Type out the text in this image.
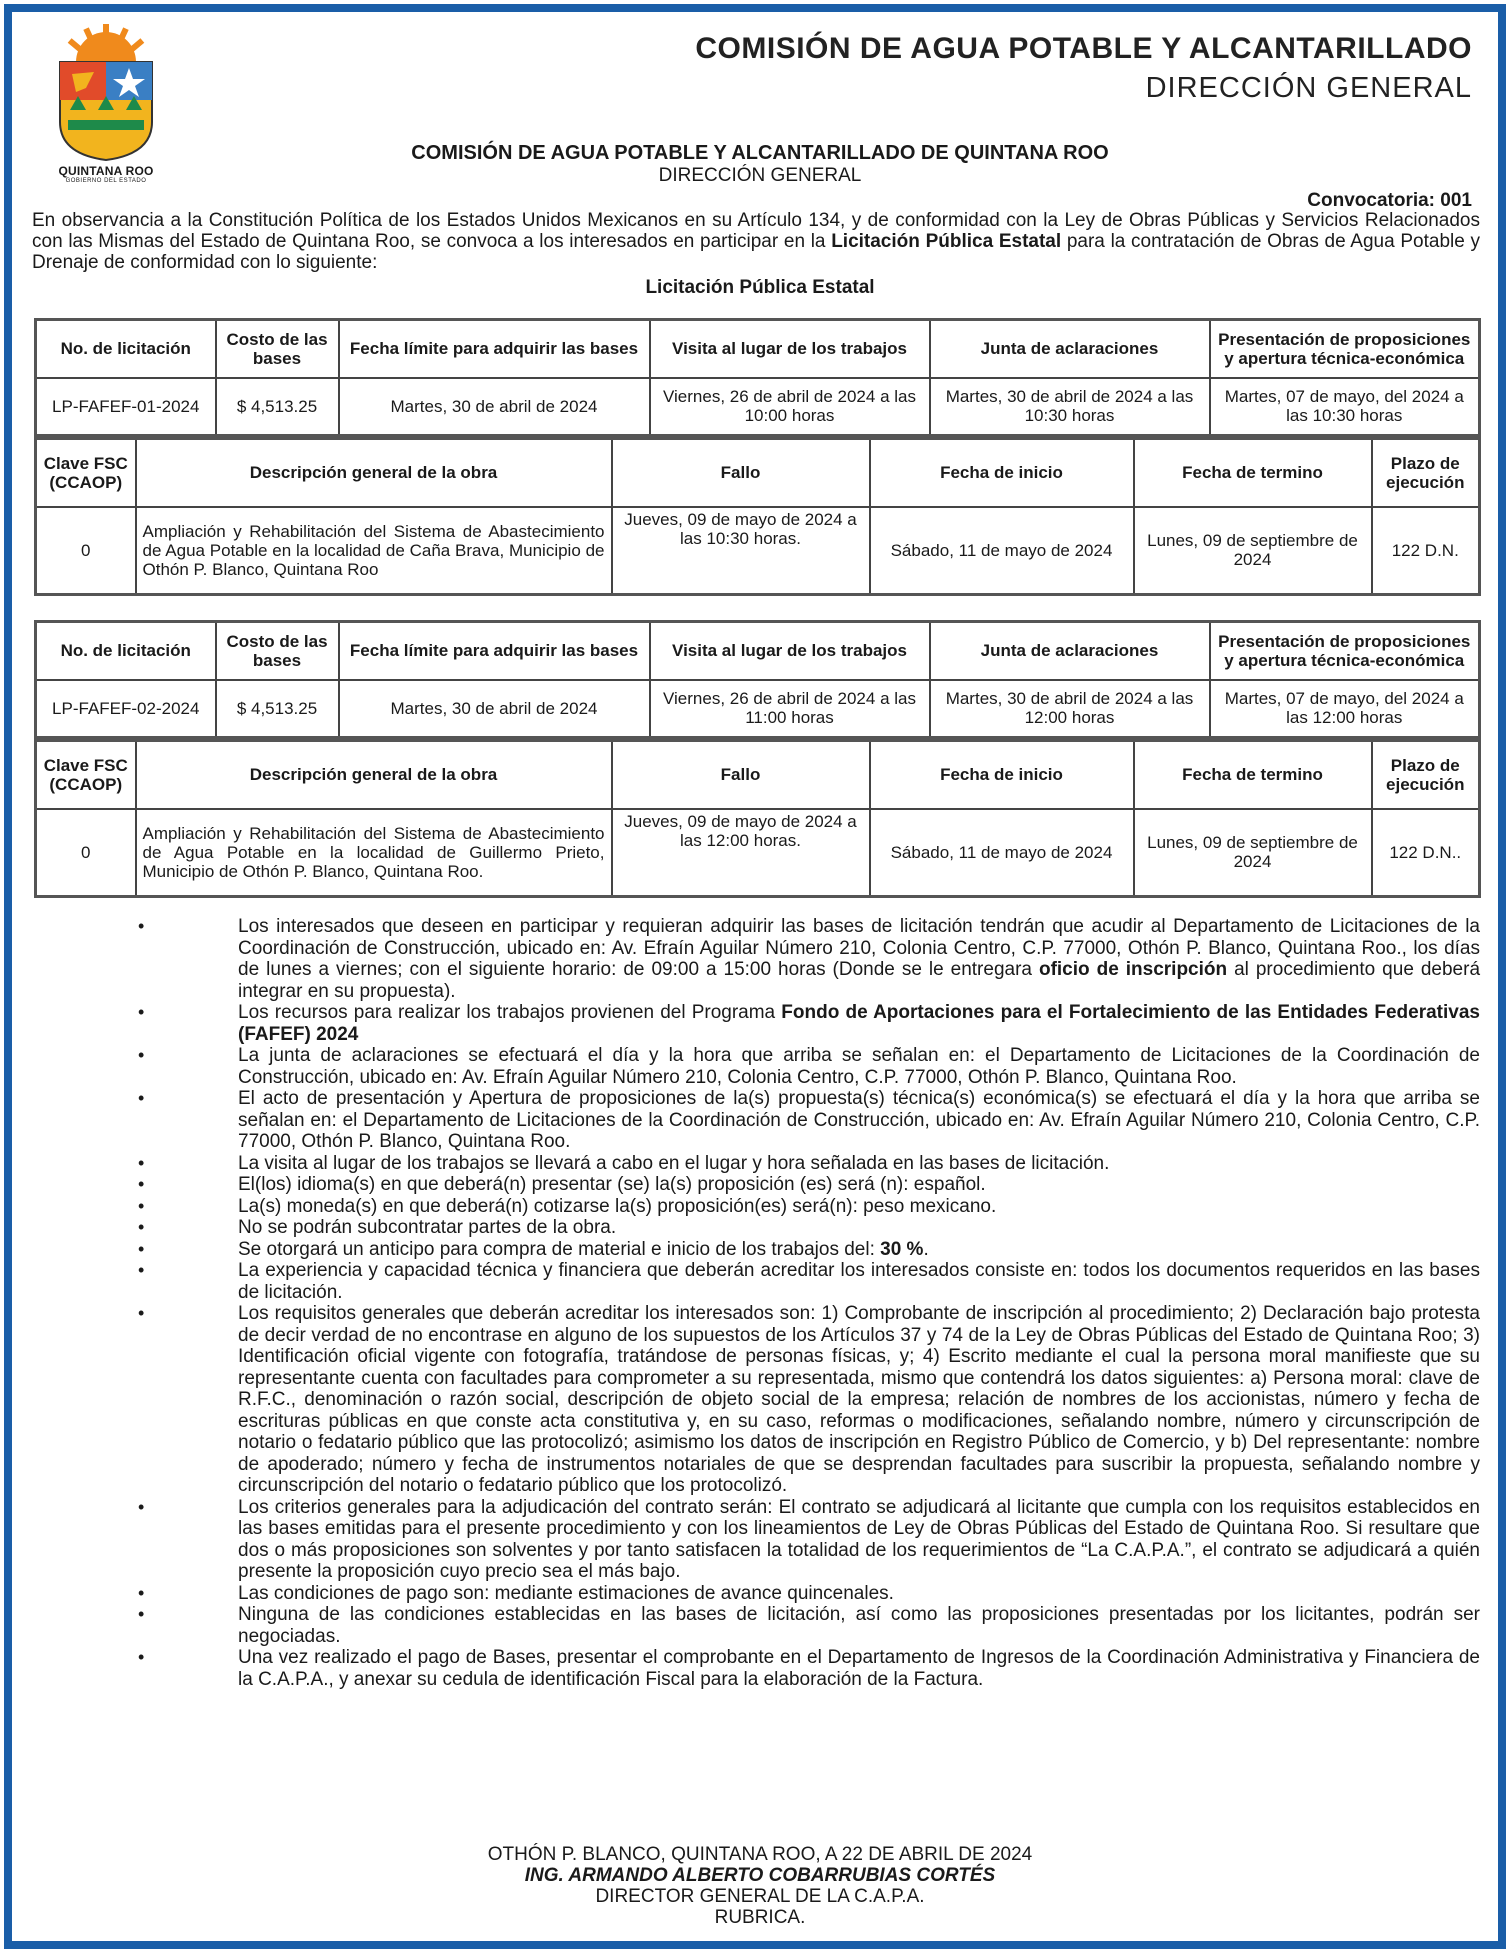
QUINTANA ROO
GOBIERNO DEL ESTADO
COMISIÓN DE AGUA POTABLE Y ALCANTARILLADO
DIRECCIÓN GENERAL
COMISIÓN DE AGUA POTABLE Y ALCANTARILLADO DE QUINTANA ROO
DIRECCIÓN GENERAL
Convocatoria: 001
En observancia a la Constitución Política de los Estados Unidos Mexicanos en su Artículo 134, y de conformidad con la Ley de Obras Públicas y Servicios Relacionados con las Mismas del Estado de Quintana Roo, se convoca a los interesados en participar en la Licitación Pública Estatal para la contratación de Obras de Agua Potable y Drenaje de conformidad con lo siguiente:
Licitación Pública Estatal
No. de licitación	Costo de las bases	Fecha límite para adquirir las bases	Visita al lugar de los trabajos	Junta de aclaraciones	Presentación de proposiciones y apertura técnica-económica
LP-FAFEF-01-2024	$ 4,513.25	Martes, 30 de abril de 2024	Viernes, 26 de abril de 2024 a las 10:00 horas	Martes, 30 de abril de 2024 a las 10:30 horas	Martes, 07 de mayo, del 2024 a las 10:30 horas
Clave FSC (CCAOP)	Descripción general de la obra	Fallo	Fecha de inicio	Fecha de termino	Plazo de ejecución
0	Ampliación y Rehabilitación del Sistema de Abastecimiento de Agua Potable en la localidad de Caña Brava, Municipio de Othón P. Blanco, Quintana Roo	Jueves, 09 de mayo de 2024 a las 10:30 horas.	Sábado, 11 de mayo de 2024	Lunes, 09 de septiembre de 2024	122 D.N.
No. de licitación	Costo de las bases	Fecha límite para adquirir las bases	Visita al lugar de los trabajos	Junta de aclaraciones	Presentación de proposiciones y apertura técnica-económica
LP-FAFEF-02-2024	$ 4,513.25	Martes, 30 de abril de 2024	Viernes, 26 de abril de 2024 a las 11:00 horas	Martes, 30 de abril de 2024 a las 12:00 horas	Martes, 07 de mayo, del 2024 a las 12:00 horas
Clave FSC (CCAOP)	Descripción general de la obra	Fallo	Fecha de inicio	Fecha de termino	Plazo de ejecución
0	Ampliación y Rehabilitación del Sistema de Abastecimiento de Agua Potable en la localidad de Guillermo Prieto, Municipio de Othón P. Blanco, Quintana Roo.	Jueves, 09 de mayo de 2024 a las 12:00 horas.	Sábado, 11 de mayo de 2024	Lunes, 09 de septiembre de 2024	122 D.N..
•	Los interesados que deseen en participar y requieran adquirir las bases de licitación tendrán que acudir al Departamento de Licitaciones de la Coordinación de Construcción, ubicado en: Av. Efraín Aguilar Número 210, Colonia Centro, C.P. 77000, Othón P. Blanco, Quintana Roo., los días de lunes a viernes; con el siguiente horario: de 09:00 a 15:00 horas (Donde se le entregara oficio de inscripción al procedimiento que deberá integrar en su propuesta).
•	Los recursos para realizar los trabajos provienen del Programa Fondo de Aportaciones para el Fortalecimiento de las Entidades Federativas (FAFEF) 2024
•	La junta de aclaraciones se efectuará el día y la hora que arriba se señalan en: el Departamento de Licitaciones de la Coordinación de Construcción, ubicado en: Av. Efraín Aguilar Número 210, Colonia Centro, C.P. 77000, Othón P. Blanco, Quintana Roo.
•	El acto de presentación y Apertura de proposiciones de la(s) propuesta(s) técnica(s) económica(s) se efectuará el día y la hora que arriba se señalan en: el Departamento de Licitaciones de la Coordinación de Construcción, ubicado en: Av. Efraín Aguilar Número 210, Colonia Centro, C.P. 77000, Othón P. Blanco, Quintana Roo.
•	La visita al lugar de los trabajos se llevará a cabo en el lugar y hora señalada en las bases de licitación.
•	El(los) idioma(s) en que deberá(n) presentar (se) la(s) proposición (es) será (n): español.
•	La(s) moneda(s) en que deberá(n) cotizarse la(s) proposición(es) será(n): peso mexicano.
•	No se podrán subcontratar partes de la obra.
•	Se otorgará un anticipo para compra de material e inicio de los trabajos del: 30 %.
•	La experiencia y capacidad técnica y financiera que deberán acreditar los interesados consiste en: todos los documentos requeridos en las bases de licitación.
•	Los requisitos generales que deberán acreditar los interesados son: 1) Comprobante de inscripción al procedimiento; 2) Declaración bajo protesta de decir verdad de no encontrase en alguno de los supuestos de los Artículos 37 y 74 de la Ley de Obras Públicas del Estado de Quintana Roo; 3) Identificación oficial vigente con fotografía, tratándose de personas físicas, y; 4) Escrito mediante el cual la persona moral manifieste que su representante cuenta con facultades para comprometer a su representada, mismo que contendrá los datos siguientes: a) Persona moral: clave de R.F.C., denominación o razón social, descripción de objeto social de la empresa; relación de nombres de los accionistas, número y fecha de escrituras públicas en que conste acta constitutiva y, en su caso, reformas o modificaciones, señalando nombre, número y circunscripción de notario o fedatario público que las protocolizó; asimismo los datos de inscripción en Registro Público de Comercio, y b) Del representante: nombre de apoderado; número y fecha de instrumentos notariales de que se desprendan facultades para suscribir la propuesta, señalando nombre y circunscripción del notario o fedatario público que los protocolizó.
•	Los criterios generales para la adjudicación del contrato serán: El contrato se adjudicará al licitante que cumpla con los requisitos establecidos en las bases emitidas para el presente procedimiento y con los lineamientos de Ley de Obras Públicas del Estado de Quintana Roo. Si resultare que dos o más proposiciones son solventes y por tanto satisfacen la totalidad de los requerimientos de “La C.A.P.A.”, el contrato se adjudicará a quién presente la proposición cuyo precio sea el más bajo.
•	Las condiciones de pago son: mediante estimaciones de avance quincenales.
•	Ninguna de las condiciones establecidas en las bases de licitación, así como las proposiciones presentadas por los licitantes, podrán ser negociadas.
•	Una vez realizado el pago de Bases, presentar el comprobante en el Departamento de Ingresos de la Coordinación Administrativa y Financiera de la C.A.P.A., y anexar su cedula de identificación Fiscal para la elaboración de la Factura.
OTHÓN P. BLANCO, QUINTANA ROO, A 22 DE ABRIL DE 2024
ING. ARMANDO ALBERTO COBARRUBIAS CORTÉS
DIRECTOR GENERAL DE LA C.A.P.A.
RUBRICA.
